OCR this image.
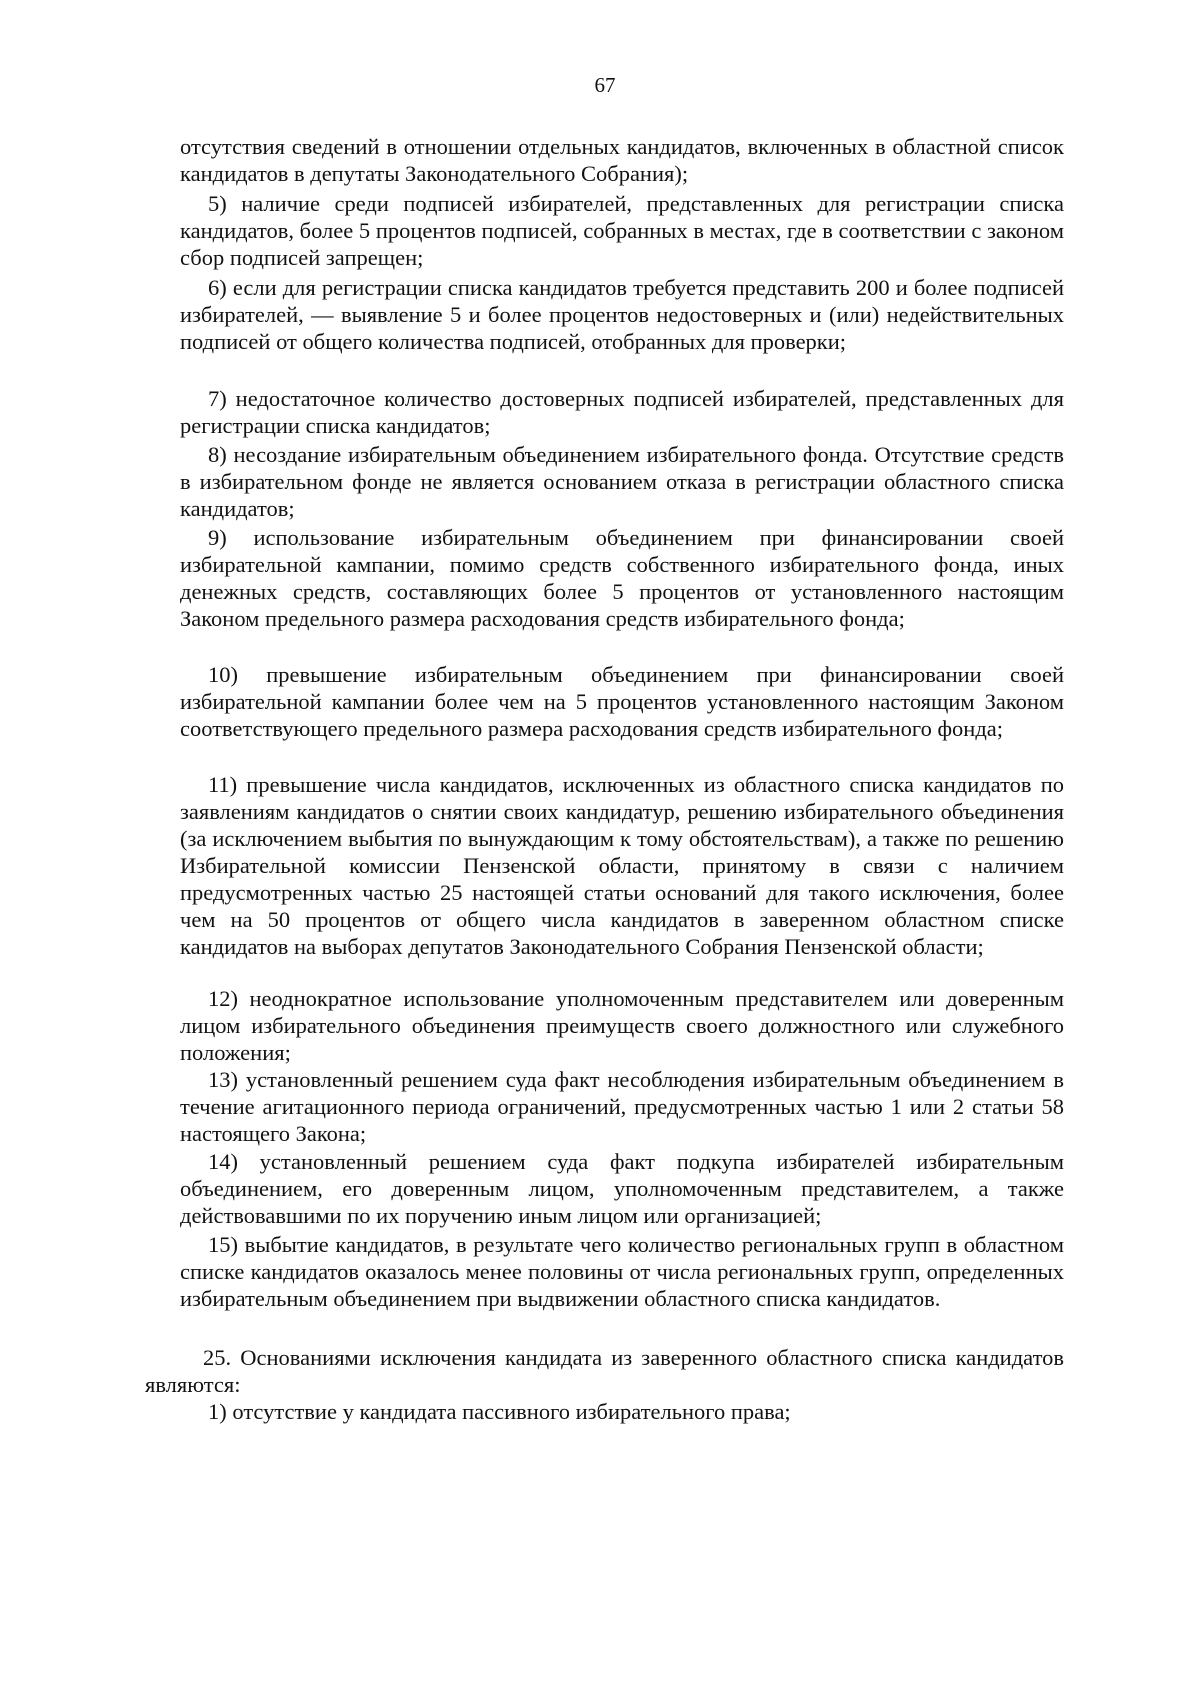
67

отсутствия сведений в отношении отдельных кандидатов, включенных в областной список кандидатов в депутаты Законодательного Собрания);

5) наличие среди подписей избирателей, представленных для регистрации списка кандидатов, более 5 процентов подписей, собранных в местах, где в соответствии с законом сбор подписей запрещен;

6) если для регистрации списка кандидатов требуется представить 200 и более подписей избирателей, — выявление 5 и более процентов недостоверных и (или) недействительных подписей от общего количества подписей, отобранных для проверки;

7) недостаточное количество достоверных подписей избирателей, представленных для регистрации списка кандидатов;

8) несоздание избирательным объединением избирательного фонда. Отсутствие средств в избирательном фонде не является основанием отказа в регистрации областного списка кандидатов;

9) использование избирательным объединением при финансировании своей избирательной кампании, помимо средств собственного избирательного фонда, иных денежных средств, составляющих более 5 процентов от установленного настоящим Законом предельного размера расходования средств избирательного фонда;

10) превышение избирательным объединением при финансировании своей избирательной кампании более чем на 5 процентов установленного настоящим Законом соответствующего предельного размера расходования средств избирательного фонда;

11) превышение числа кандидатов, исключенных из областного списка кандидатов по заявлениям кандидатов о снятии своих кандидатур, решению избирательного объединения (за исключением выбытия по вынуждающим к тому обстоятельствам), а также по решению Избирательной комиссии Пензенской области, принятому в связи с наличием предусмотренных частью 25 настоящей статьи оснований для такого исключения, более чем на 50 процентов от общего числа кандидатов в заверенном областном списке кандидатов на выборах депутатов Законодательного Собрания Пензенской области;

12) неоднократное использование уполномоченным представителем или доверенным лицом избирательного объединения преимуществ своего должностного или служебного положения;

13) установленный решением суда факт несоблюдения избирательным объединением в течение агитационного периода ограничений, предусмотренных частью 1 или 2 статьи 58 настоящего Закона;

14) установленный решением суда факт подкупа избирателей избирательным объединением, его доверенным лицом, уполномоченным представителем, а также действовавшими по их поручению иным лицом или организацией;

15) выбытие кандидатов, в результате чего количество региональных групп в областном списке кандидатов оказалось менее половины от числа региональных групп, определенных избирательным объединением при выдвижении областного списка кандидатов.

25. Основаниями исключения кандидата из заверенного областного списка кандидатов являются:

1) отсутствие у кандидата пассивного избирательного права;
